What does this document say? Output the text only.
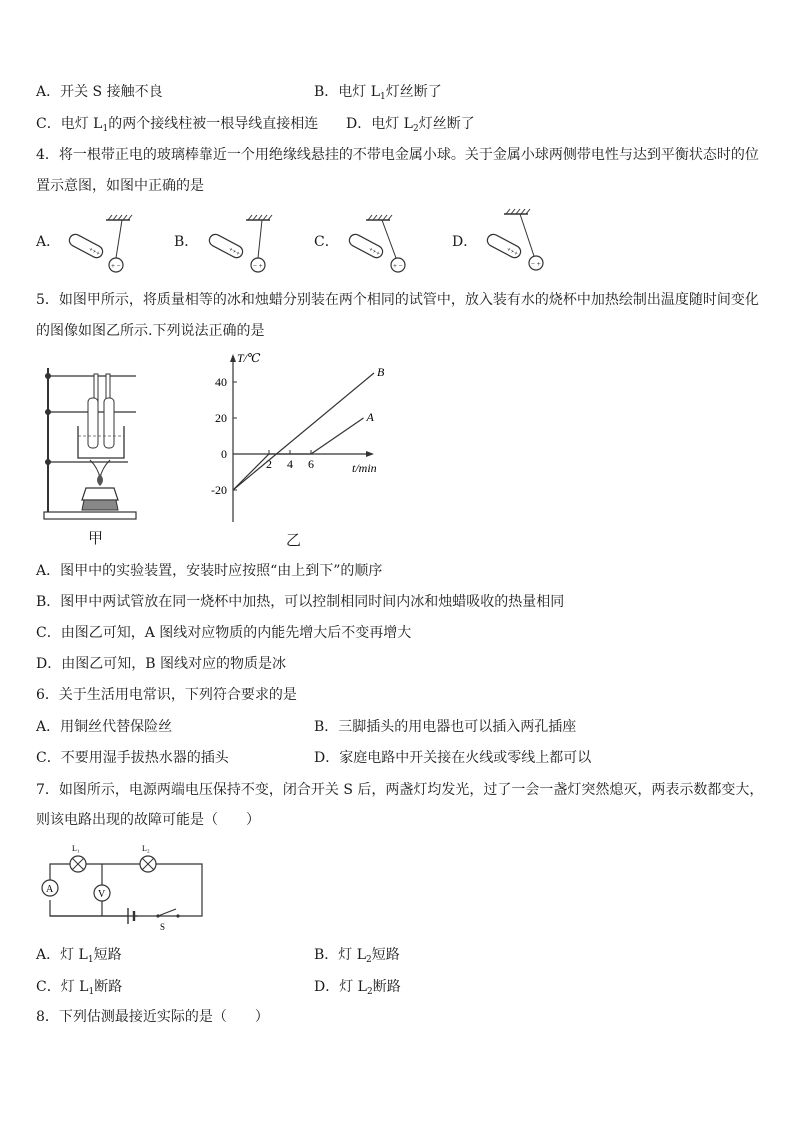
A．开关 S 接触不良	B．电灯 $L_1$灯丝断了
C．电灯 $L_1$的两个接线柱被一根导线直接相连 D．电灯 $L_2$灯丝断了
4．将一根带正电的玻璃棒靠近一个用绝缘线悬挂的不带电金属小球。关于金属小球两侧带电性与达到平衡状态时的位
置示意图，如图中正确的是
A．	B．	C．	D．
+ −
+++
− +
+++
+ −
+++
− +
+++
5．如图甲所示，将质量相等的冰和烛蜡分别装在两个相同的试管中，放入装有水的烧杯中加热绘制出温度随时间变化
的图像如图乙所示.下列说法正确的是
甲
T/℃
t/min
40
20
0
-20
2 4 6
B
A
乙
A．图甲中的实验装置，安装时应按照“由上到下”的顺序
B．图甲中两试管放在同一烧杯中加热，可以控制相同时间内冰和烛蜡吸收的热量相同
C．由图乙可知，A 图线对应物质的内能先增大后不变再增大
D．由图乙可知，B 图线对应的物质是冰
6．关于生活用电常识，下列符合要求的是
A．用铜丝代替保险丝	B．三脚插头的用电器也可以插入两孔插座
C．不要用湿手拔热水器的插头	D．家庭电路中开关接在火线或零线上都可以
7．如图所示，电源两端电压保持不变，闭合开关 S 后，两盏灯均发光，过了一会一盏灯突然熄灭，两表示数都变大，
则该电路出现的故障可能是（　　）
A	V
L₁	L₂
S
A．灯 $L_1$短路	B．灯 $L_2$短路
C．灯 $L_1$断路	D．灯 $L_2$断路
8．下列估测最接近实际的是（　　）
